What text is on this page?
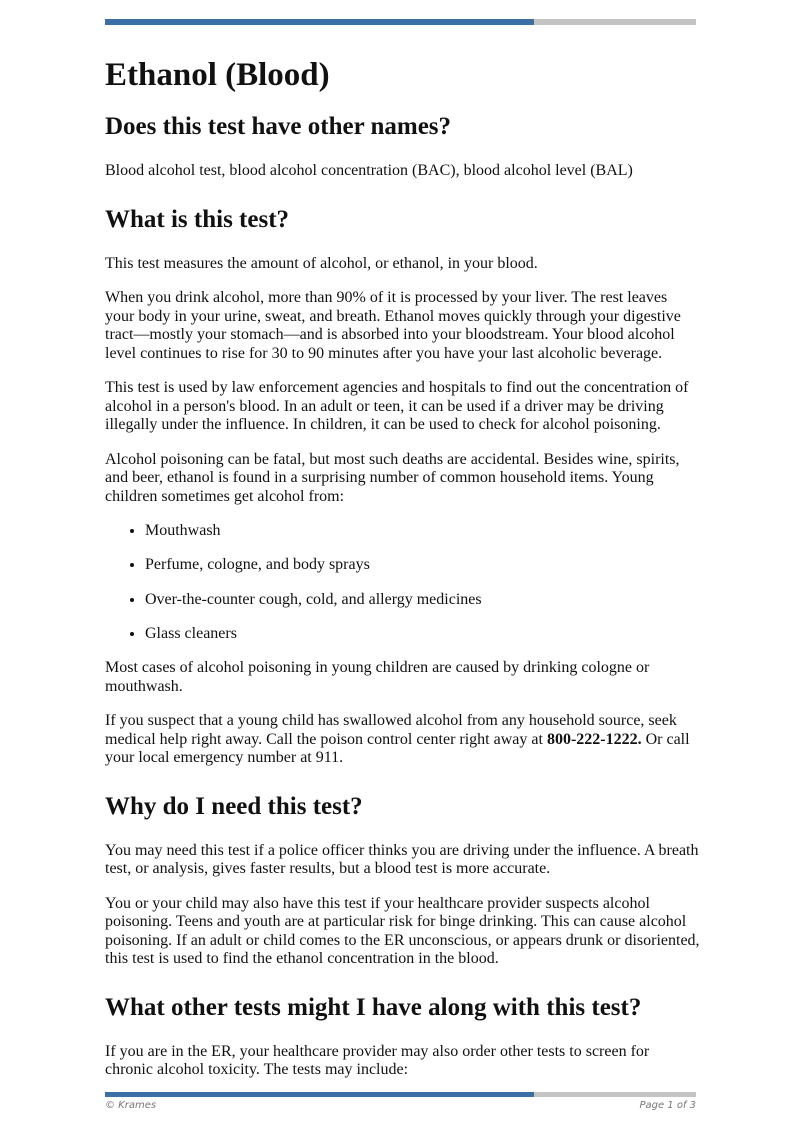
Ethanol (Blood)
Does this test have other names?

Blood alcohol test, blood alcohol concentration (BAC), blood alcohol level (BAL)

What is this test?

This test measures the amount of alcohol, or ethanol, in your blood.

When you drink alcohol, more than 90% of it is processed by your liver. The rest leaves your body in your urine, sweat, and breath. Ethanol moves quickly through your digestive tract—mostly your stomach—and is absorbed into your bloodstream. Your blood alcohol level continues to rise for 30 to 90 minutes after you have your last alcoholic beverage.

This test is used by law enforcement agencies and hospitals to find out the concentration of alcohol in a person's blood. In an adult or teen, it can be used if a driver may be driving illegally under the influence. In children, it can be used to check for alcohol poisoning.

Alcohol poisoning can be fatal, but most such deaths are accidental. Besides wine, spirits, and beer, ethanol is found in a surprising number of common household items. Young children sometimes get alcohol from:

• Mouthwash
• Perfume, cologne, and body sprays
• Over-the-counter cough, cold, and allergy medicines
• Glass cleaners

Most cases of alcohol poisoning in young children are caused by drinking cologne or mouthwash.

If you suspect that a young child has swallowed alcohol from any household source, seek medical help right away. Call the poison control center right away at 800-222-1222. Or call your local emergency number at 911.

Why do I need this test?

You may need this test if a police officer thinks you are driving under the influence. A breath test, or analysis, gives faster results, but a blood test is more accurate.

You or your child may also have this test if your healthcare provider suspects alcohol poisoning. Teens and youth are at particular risk for binge drinking. This can cause alcohol poisoning. If an adult or child comes to the ER unconscious, or appears drunk or disoriented, this test is used to find the ethanol concentration in the blood.

What other tests might I have along with this test?

If you are in the ER, your healthcare provider may also order other tests to screen for chronic alcohol toxicity. The tests may include:

© Krames	Page 1 of 3
